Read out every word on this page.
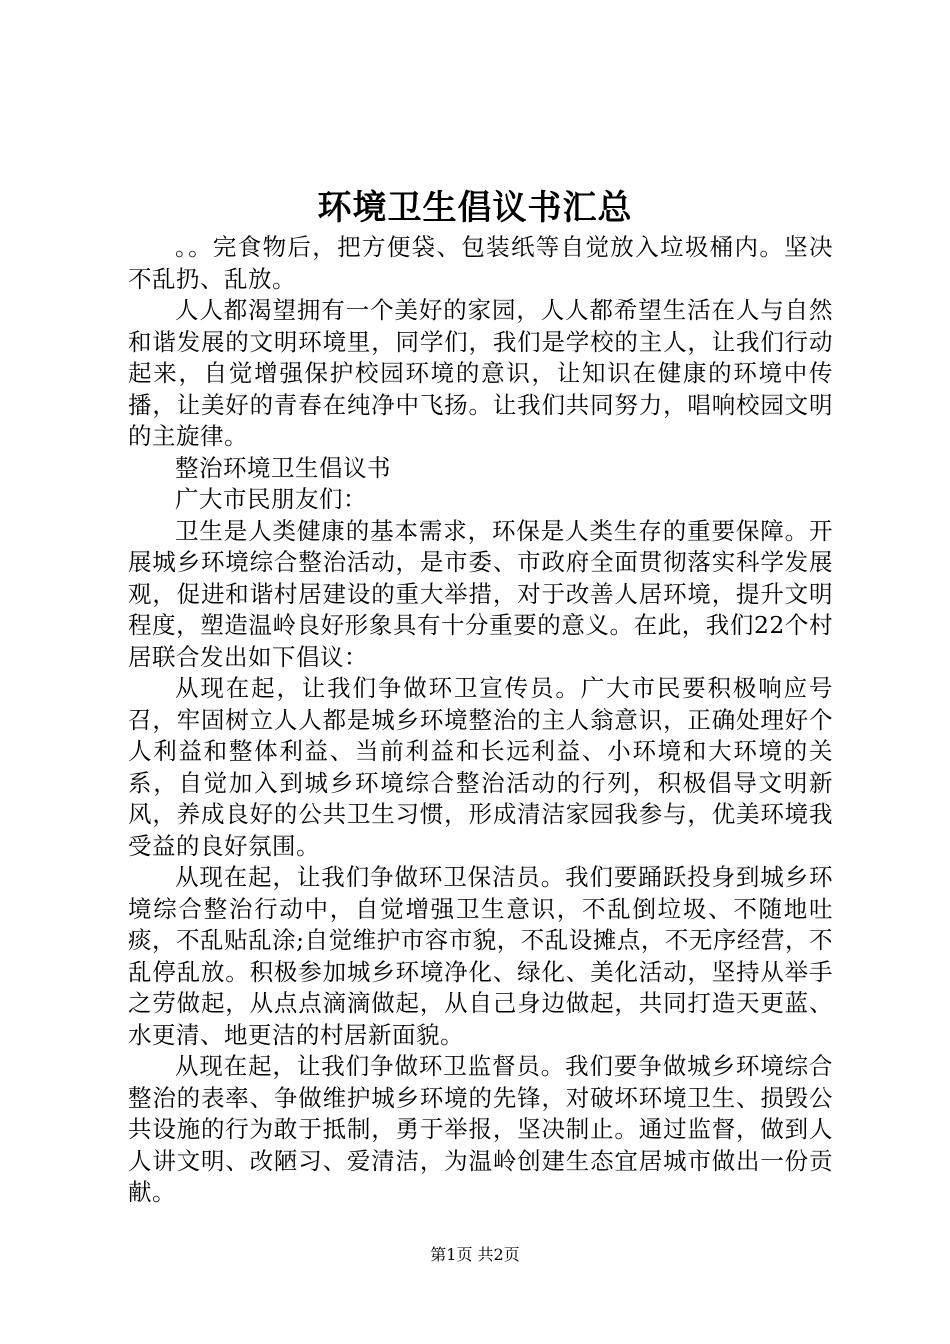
环境卫生倡议书汇总

。。完食物后，把方便袋、包装纸等自觉放入垃圾桶内。坚决不乱扔、乱放。

人人都渴望拥有一个美好的家园，人人都希望生活在人与自然和谐发展的文明环境里，同学们，我们是学校的主人，让我们行动起来，自觉增强保护校园环境的意识，让知识在健康的环境中传播，让美好的青春在纯净中飞扬。让我们共同努力，唱响校园文明的主旋律。

整治环境卫生倡议书

广大市民朋友们：

卫生是人类健康的基本需求，环保是人类生存的重要保障。开展城乡环境综合整治活动，是市委、市政府全面贯彻落实科学发展观，促进和谐村居建设的重大举措，对于改善人居环境，提升文明程度，塑造温岭良好形象具有十分重要的意义。在此，我们22个村居联合发出如下倡议：

从现在起，让我们争做环卫宣传员。广大市民要积极响应号召，牢固树立人人都是城乡环境整治的主人翁意识，正确处理好个人利益和整体利益、当前利益和长远利益、小环境和大环境的关系，自觉加入到城乡环境综合整治活动的行列，积极倡导文明新风，养成良好的公共卫生习惯，形成清洁家园我参与，优美环境我受益的良好氛围。

从现在起，让我们争做环卫保洁员。我们要踊跃投身到城乡环境综合整治行动中，自觉增强卫生意识，不乱倒垃圾、不随地吐痰，不乱贴乱涂;自觉维护市容市貌，不乱设摊点，不无序经营，不乱停乱放。积极参加城乡环境净化、绿化、美化活动，坚持从举手之劳做起，从点点滴滴做起，从自己身边做起，共同打造天更蓝、水更清、地更洁的村居新面貌。

从现在起，让我们争做环卫监督员。我们要争做城乡环境综合整治的表率、争做维护城乡环境的先锋，对破坏环境卫生、损毁公共设施的行为敢于抵制，勇于举报，坚决制止。通过监督，做到人人讲文明、改陋习、爱清洁，为温岭创建生态宜居城市做出一份贡献。

第1页 共2页
